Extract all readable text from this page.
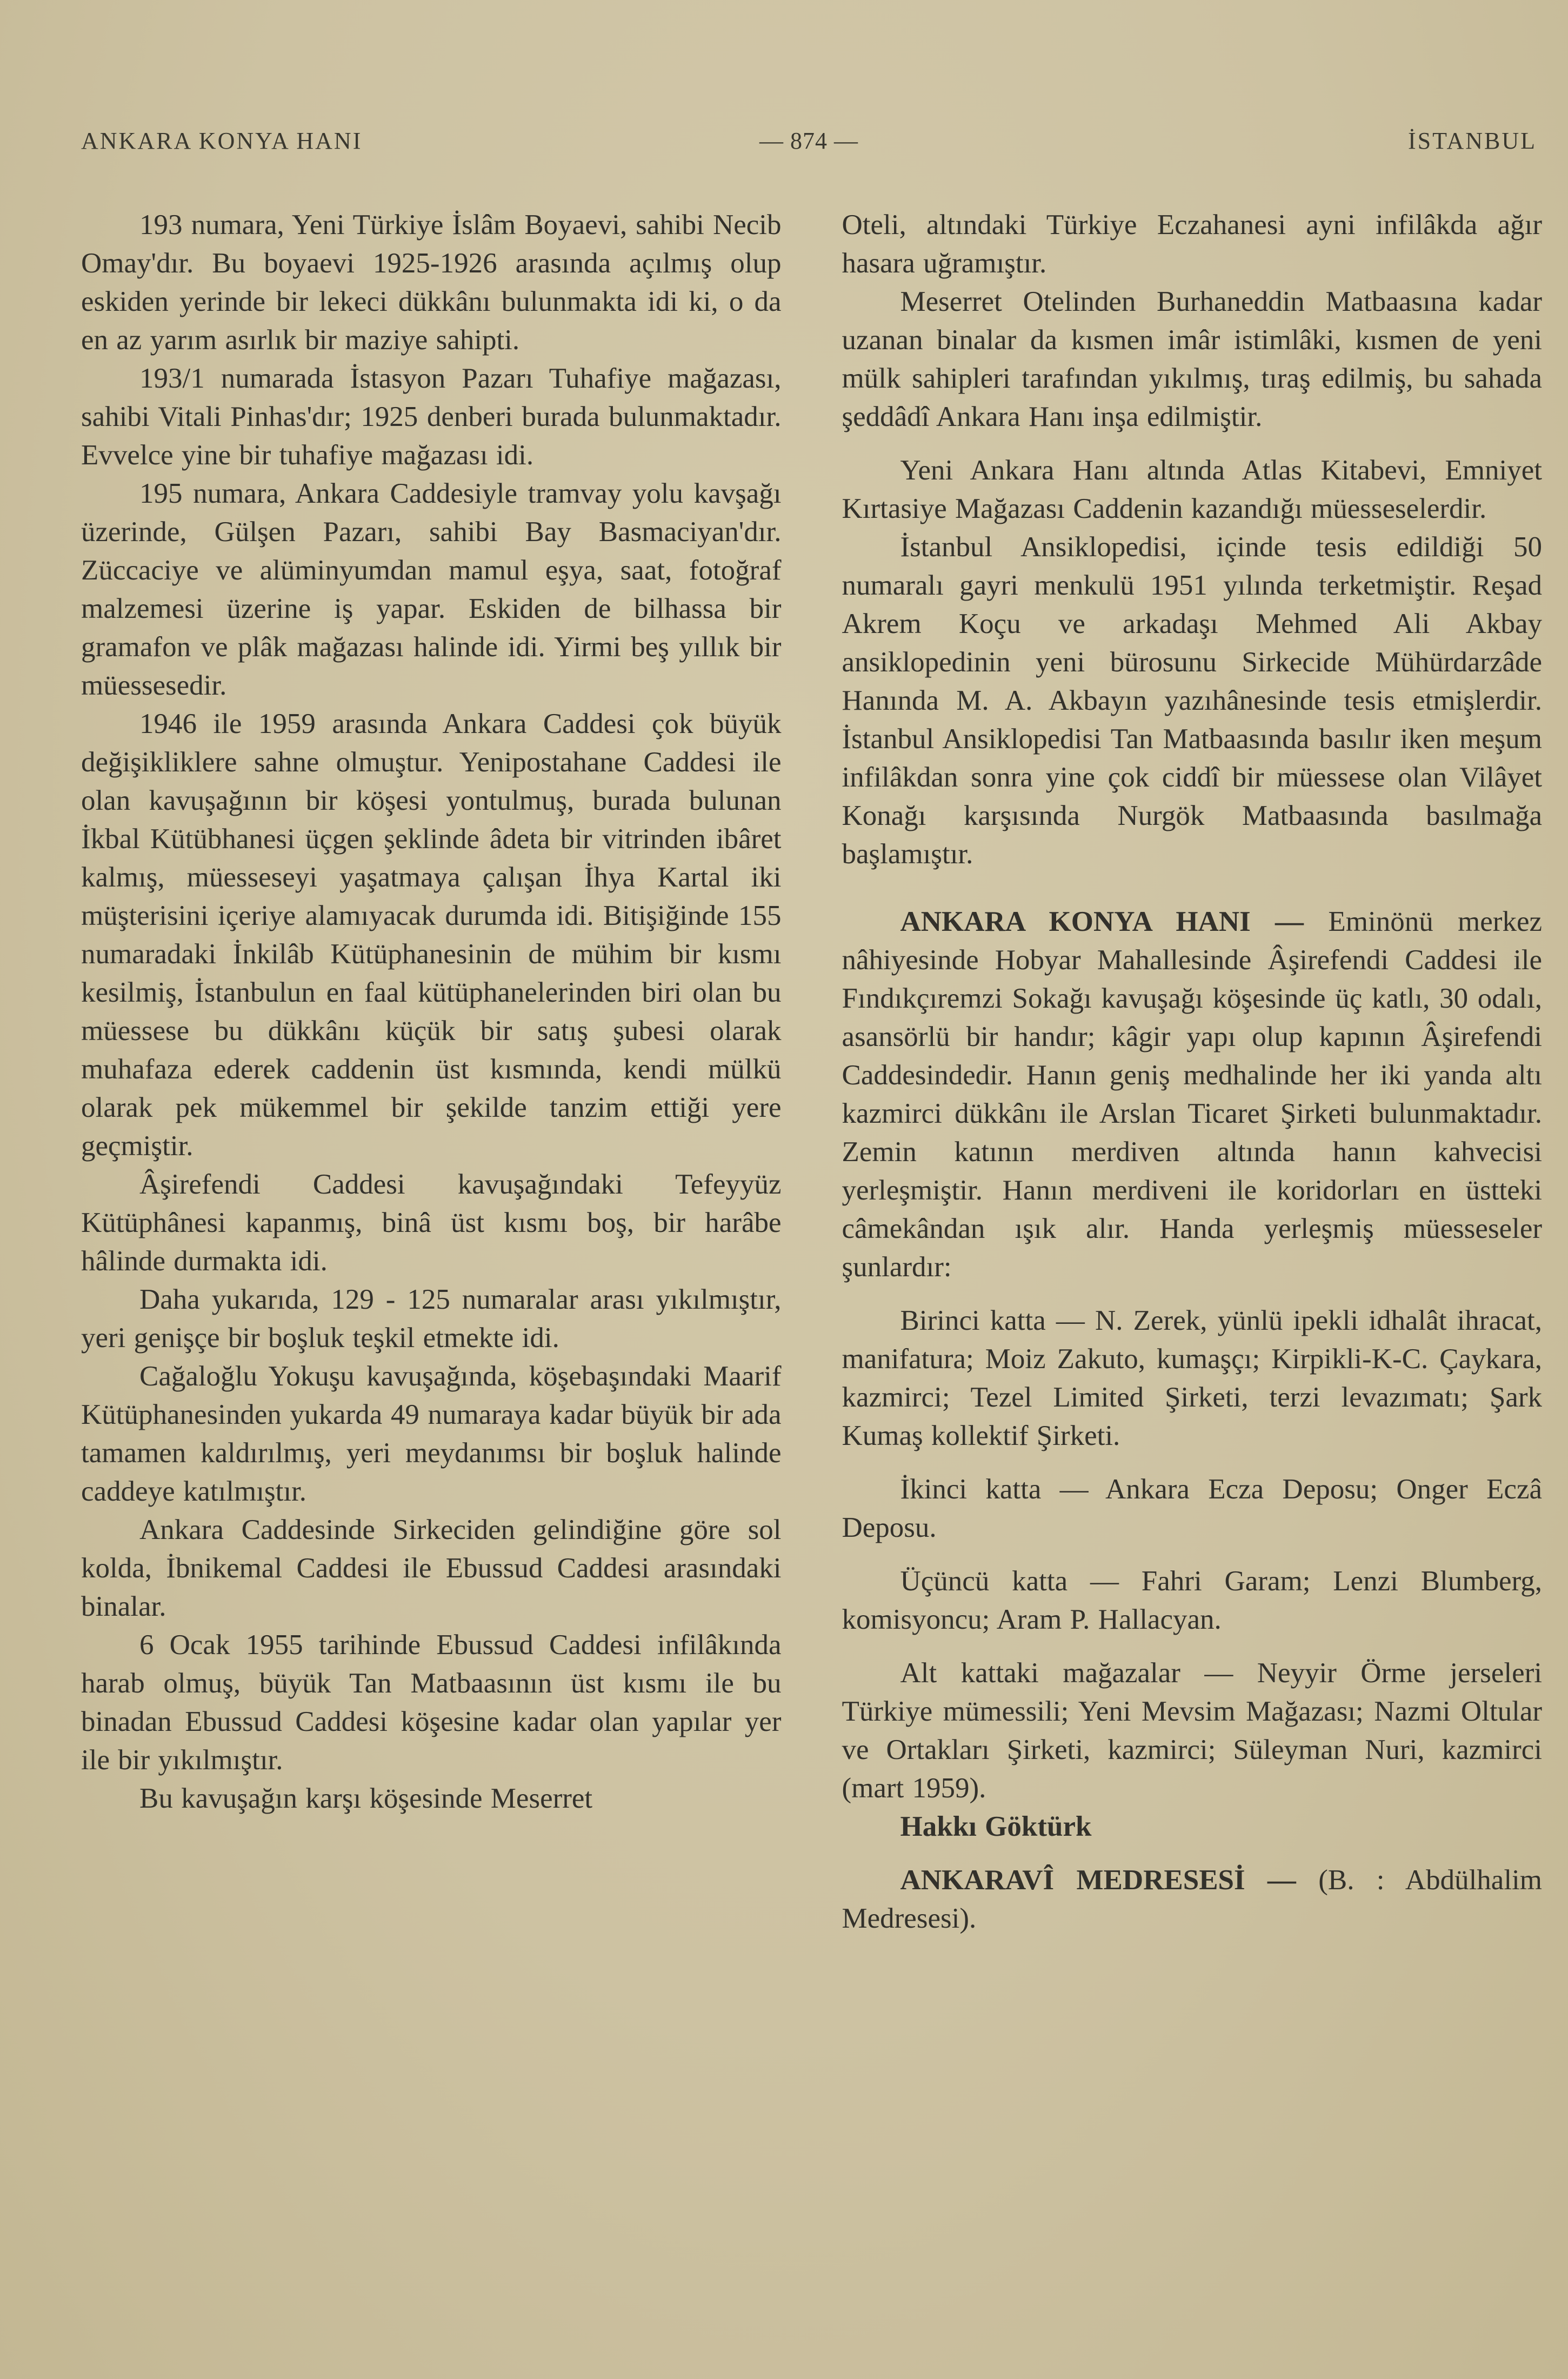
ANKARA KONYA HANI	— 874 —	İSTANBUL

193 numara, Yeni Türkiye İslâm Boyaevi, sahibi Necib Omay'dır. Bu boyaevi 1925-1926 arasında açılmış olup eskiden yerinde bir lekeci dükkânı bulunmakta idi ki, o da en az yarım asırlık bir maziye sahipti.

193/1 numarada İstasyon Pazarı Tuhafiye mağazası, sahibi Vitali Pinhas'dır; 1925 denberi burada bulunmaktadır. Evvelce yine bir tuhafiye mağazası idi.

195 numara, Ankara Caddesiyle tramvay yolu kavşağı üzerinde, Gülşen Pazarı, sahibi Bay Basmaciyan'dır. Züccaciye ve alüminyumdan mamul eşya, saat, fotoğraf malzemesi üzerine iş yapar. Eskiden de bilhassa bir gramafon ve plâk mağazası halinde idi. Yirmi beş yıllık bir müessesedir.

1946 ile 1959 arasında Ankara Caddesi çok büyük değişikliklere sahne olmuştur. Yenipostahane Caddesi ile olan kavuşağının bir köşesi yontulmuş, burada bulunan İkbal Kütübhanesi üçgen şeklinde âdeta bir vitrinden ibâret kalmış, müesseseyi yaşatmaya çalışan İhya Kartal iki müşterisini içeriye alamıyacak durumda idi. Bitişiğinde 155 numaradaki İnkilâb Kütüphanesinin de mühim bir kısmı kesilmiş, İstanbulun en faal kütüphanelerinden biri olan bu müessese bu dükkânı küçük bir satış şubesi olarak muhafaza ederek caddenin üst kısmında, kendi mülkü olarak pek mükemmel bir şekilde tanzim ettiği yere geçmiştir.

Âşirefendi Caddesi kavuşağındaki Tefeyyüz Kütüphânesi kapanmış, binâ üst kısmı boş, bir harâbe hâlinde durmakta idi.

Daha yukarıda, 129 - 125 numaralar arası yıkılmıştır, yeri genişçe bir boşluk teşkil etmekte idi.

Cağaloğlu Yokuşu kavuşağında, köşebaşındaki Maarif Kütüphanesinden yukarda 49 numaraya kadar büyük bir ada tamamen kaldırılmış, yeri meydanımsı bir boşluk halinde caddeye katılmıştır.

Ankara Caddesinde Sirkeciden gelindiğine göre sol kolda, İbnikemal Caddesi ile Ebussud Caddesi arasındaki binalar.

6 Ocak 1955 tarihinde Ebussud Caddesi infilâkında harab olmuş, büyük Tan Matbaasının üst kısmı ile bu binadan Ebussud Caddesi köşesine kadar olan yapılar yer ile bir yıkılmıştır.

Bu kavuşağın karşı köşesinde Meserret

Oteli, altındaki Türkiye Eczahanesi ayni infilâkda ağır hasara uğramıştır.

Meserret Otelinden Burhaneddin Matbaasına kadar uzanan binalar da kısmen imâr istimlâki, kısmen de yeni mülk sahipleri tarafından yıkılmış, tıraş edilmiş, bu sahada şeddâdî Ankara Hanı inşa edilmiştir.

Yeni Ankara Hanı altında Atlas Kitabevi, Emniyet Kırtasiye Mağazası Caddenin kazandığı müesseselerdir.

İstanbul Ansiklopedisi, içinde tesis edildiği 50 numaralı gayri menkulü 1951 yılında terketmiştir. Reşad Akrem Koçu ve arkadaşı Mehmed Ali Akbay ansiklopedinin yeni bürosunu Sirkecide Mühürdarzâde Hanında M. A. Akbayın yazıhânesinde tesis etmişlerdir. İstanbul Ansiklopedisi Tan Matbaasında basılır iken meşum infilâkdan sonra yine çok ciddî bir müessese olan Vilâyet Konağı karşısında Nurgök Matbaasında basılmağa başlamıştır.

ANKARA KONYA HANI — Eminönü merkez nâhiyesinde Hobyar Mahallesinde Âşirefendi Caddesi ile Fındıkçıremzi Sokağı kavuşağı köşesinde üç katlı, 30 odalı, asansörlü bir handır; kâgir yapı olup kapının Âşirefendi Caddesindedir. Hanın geniş medhalinde her iki yanda altı kazmirci dükkânı ile Arslan Ticaret Şirketi bulunmaktadır. Zemin katının merdiven altında hanın kahvecisi yerleşmiştir. Hanın merdiveni ile koridorları en üstteki câmekândan ışık alır. Handa yerleşmiş müesseseler şunlardır:

Birinci katta — N. Zerek, yünlü ipekli idhalât ihracat, manifatura; Moiz Zakuto, kumaşçı; Kirpikli-K-C. Çaykara, kazmirci; Tezel Limited Şirketi, terzi levazımatı; Şark Kumaş kollektif Şirketi.

İkinci katta — Ankara Ecza Deposu; Onger Eczâ Deposu.

Üçüncü katta — Fahri Garam; Lenzi Blumberg, komisyoncu; Aram P. Hallacyan.

Alt kattaki mağazalar — Neyyir Örme jerseleri Türkiye mümessili; Yeni Mevsim Mağazası; Nazmi Oltular ve Ortakları Şirketi, kazmirci; Süleyman Nuri, kazmirci (mart 1959).

Hakkı Göktürk

ANKARAVÎ MEDRESESİ — (B. : Abdülhalim Medresesi).
